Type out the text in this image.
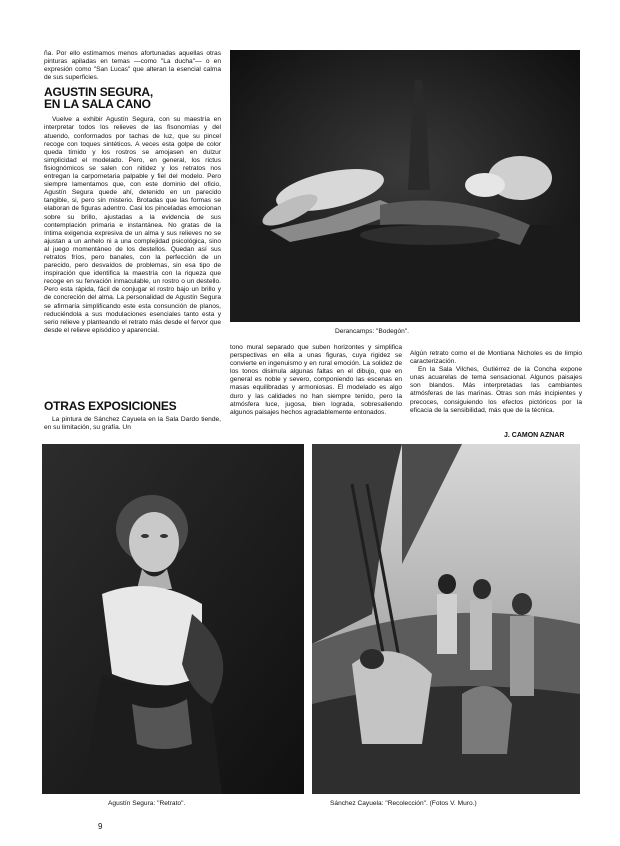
ña. Por ello estimamos menos afortunadas aquellas otras pinturas apiladas en temas —como "La ducha"— o en expresión como "San Lucas" que alteran la esencial calma de sus superficies.

AGUSTIN SEGURA,
EN LA SALA CANO

Vuelve a exhibir Agustín Segura, con su maestría en interpretar todos los relieves de las fisonomías y del atuendo, conformados por tachas de luz, que su pincel recoge con toques sintéticos. A veces esta golpe de color queda tímido y los rostros se amojasen en dulzur simplicidad el modelado. Pero, en general, los rictus fisiognómicos se salen con nitidez y los retratos nos entregan la carpornetaria palpable y fiel del modelo. Pero siempre lamentamos que, con este dominio del oficio, Agustín Segura quede ahí, detenido en un parecido tangible, si, pero sin misterio. Brotadas que las formas se elaboran de figuras adentro. Casi los pinceladas emocionan sobre su brillo, ajustadas a la evidencia de sus contemplación primaria e instantánea. No gratas de la íntima exigencia expresiva de un alma y sus relieves no se ajustan a un anhelo ni a una complejidad psicológica, sino al juego momentáneo de los destellos. Quedan así sus retratos fríos, pero banales, con la perfección de un parecido, pero desvaídos de problemas, sin esa tipo de inspiración que identifica la maestría con la riqueza que recoge en su fervación inmaculable, un rostro o un destello. Pero esta rápida, fácil de conjugar el rostro bajo un brillo y de concreción del alma. La personalidad de Agustín Segura se afirmaría simplificando este esta consunción de planos, reduciéndola a sus modulaciones esenciales tanto esta y serio relieve y planteando el retrato más desde el fervor que desde el relieve episódico y aparencial.

OTRAS EXPOSICIONES

La pintura de Sánchez Cayuela en la Sala Dardo tiende, en su limitación, su grafía. Un

Derancamps: "Bodegón".

tono mural separado que suben horizontes y simplifica perspectivas en ella a unas figuras, cuya rigidez se convierte en ingenuismo y en rural emoción. La solidez de los tonos disimula algunas faltas en el dibujo, que en general es noble y severo, componiendo las escenas en masas equilibradas y armoniosas. El modelado es algo duro y las calidades no han siempre tenido, pero la atmósfera luce, jugosa, bien lograda, sobresaliendo algunos paisajes hechos agradablemente entonados.

Algún retrato como el de Montiana Nicholes es de limpio caracterización.

En la Sala Vilches, Gutiérrez de la Concha expone unas acuarelas de tema sensacional. Algunos paisajes son blandos. Más interpretadas las cambiantes atmósferas de las marinas. Otras son más incipientes y precoces, consiguiendo los efectos pictóricos por la eficacia de la sensibilidad, más que de la técnica.

J. CAMON AZNAR
Agustín Segura: "Retrato".	Sánchez Cayuela: "Recolección". (Fotos V. Muro.)
9
